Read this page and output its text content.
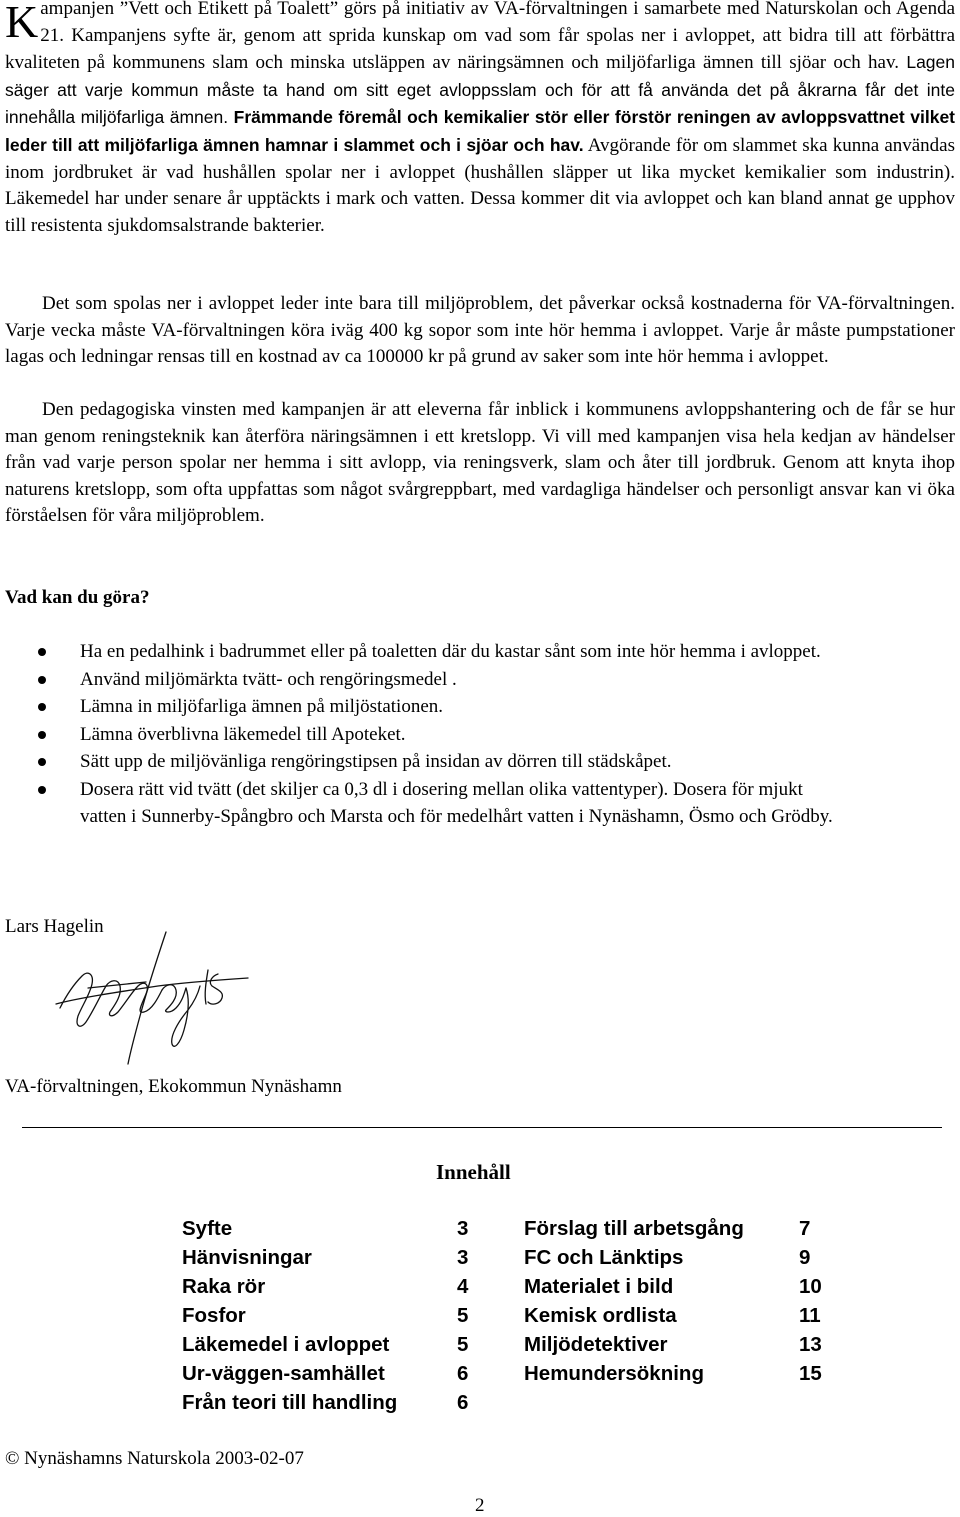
Kampanjen ”Vett och Etikett på Toalett” görs på initiativ av VA-förvaltningen i samarbete med Naturskolan och Agenda 21. Kampanjens syfte är, genom att sprida kunskap om vad som får spolas ner i avloppet, att bidra till att förbättra kvaliteten på kommunens slam och minska utsläppen av näringsämnen och miljöfarliga ämnen till sjöar och hav. Lagen säger att varje kommun måste ta hand om sitt eget avloppsslam och för att få använda det på åkrarna får det inte innehålla miljöfarliga ämnen. Främmande föremål och kemikalier stör eller förstör reningen av avloppsvattnet vilket leder till att miljöfarliga ämnen hamnar i slammet och i sjöar och hav. Avgörande för om slammet ska kunna användas inom jordbruket är vad hushållen spolar ner i avloppet (hushållen släpper ut lika mycket kemikalier som industrin). Läkemedel har under senare år upptäckts i mark och vatten. Dessa kommer dit via avloppet och kan bland annat ge upphov till resistenta sjukdomsalstrande bakterier.
Det som spolas ner i avloppet leder inte bara till miljöproblem, det påverkar också kostnaderna för VA-förvaltningen. Varje vecka måste VA-förvaltningen köra iväg 400 kg sopor som inte hör hemma i avloppet. Varje år måste pumpstationer lagas och ledningar rensas till en kostnad av ca 100000 kr på grund av saker som inte hör hemma i avloppet.
Den pedagogiska vinsten med kampanjen är att eleverna får inblick i kommunens avloppshantering och de får se hur man genom reningsteknik kan återföra näringsämnen i ett kretslopp. Vi vill med kampanjen visa hela kedjan av händelser från vad varje person spolar ner hemma i sitt avlopp, via reningsverk, slam och åter till jordbruk. Genom att knyta ihop naturens kretslopp, som ofta uppfattas som något svårgreppbart, med vardagliga händelser och personligt ansvar kan vi öka förståelsen för våra miljöproblem.
Vad kan du göra?
Ha en pedalhink i badrummet eller på toaletten där du kastar sånt som inte hör hemma i avloppet.
Använd miljömärkta tvätt- och rengöringsmedel .
Lämna in miljöfarliga ämnen på miljöstationen.
Lämna överblivna läkemedel till Apoteket.
Sätt upp de miljövänliga rengöringstipsen på insidan av dörren till städskåpet.
Dosera rätt vid tvätt (det skiljer ca 0,3 dl i dosering mellan olika vattentyper). Dosera för mjukt vatten i Sunnerby-Spångbro och Marsta och för medelhårt vatten i Nynäshamn, Ösmo och Grödby.
Lars Hagelin
VA-förvaltningen, Ekokommun Nynäshamn
Innehåll
Syfte	3
Hänvisningar	3
Raka rör	4
Fosfor	5
Läkemedel i avloppet	5
Ur-väggen-samhället	6
Från teori till handling	6
Förslag till arbetsgång	7
FC och Länktips	9
Materialet i bild	10
Kemisk ordlista	11
Miljödetektiver	13
Hemundersökning	15
© Nynäshamns Naturskola 2003-02-07
2
